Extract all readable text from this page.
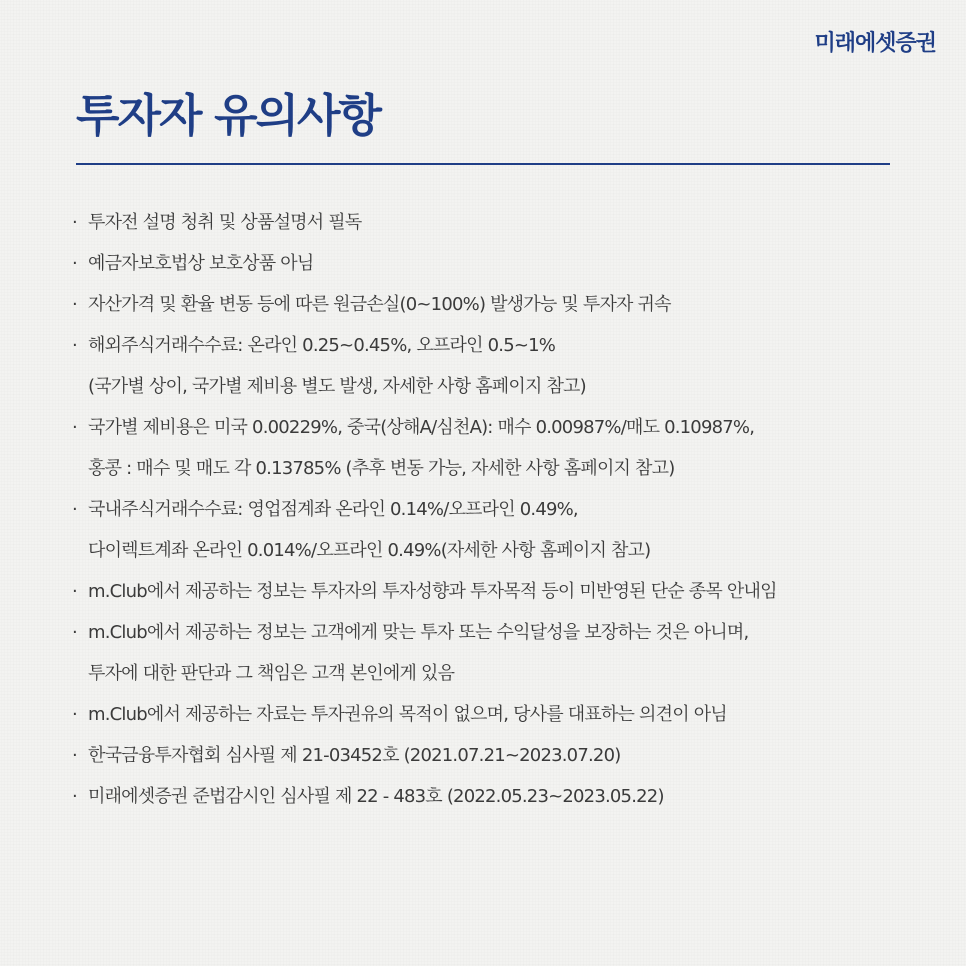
미래에셋증권
투자자 유의사항
· 투자전 설명 청취 및 상품설명서 필독
· 예금자보호법상 보호상품 아님
· 자산가격 및 환율 변동 등에 따른 원금손실(0~100%) 발생가능 및 투자자 귀속
· 해외주식거래수수료: 온라인 0.25~0.45%, 오프라인 0.5~1%
(국가별 상이, 국가별 제비용 별도 발생, 자세한 사항 홈페이지 참고)
· 국가별 제비용은 미국 0.00229%, 중국(상해A/심천A): 매수 0.00987%/매도 0.10987%,
홍콩 : 매수 및 매도 각 0.13785% (추후 변동 가능, 자세한 사항 홈페이지 참고)
· 국내주식거래수수료: 영업점계좌 온라인 0.14%/오프라인 0.49%,
다이렉트계좌 온라인 0.014%/오프라인 0.49%(자세한 사항 홈페이지 참고)
· m.Club에서 제공하는 정보는 투자자의 투자성향과 투자목적 등이 미반영된 단순 종목 안내임
· m.Club에서 제공하는 정보는 고객에게 맞는 투자 또는 수익달성을 보장하는 것은 아니며,
투자에 대한 판단과 그 책임은 고객 본인에게 있음
· m.Club에서 제공하는 자료는 투자권유의 목적이 없으며, 당사를 대표하는 의견이 아님
· 한국금융투자협회 심사필 제 21-03452호 (2021.07.21~2023.07.20)
· 미래에셋증권 준법감시인 심사필 제 22 - 483호 (2022.05.23~2023.05.22)
